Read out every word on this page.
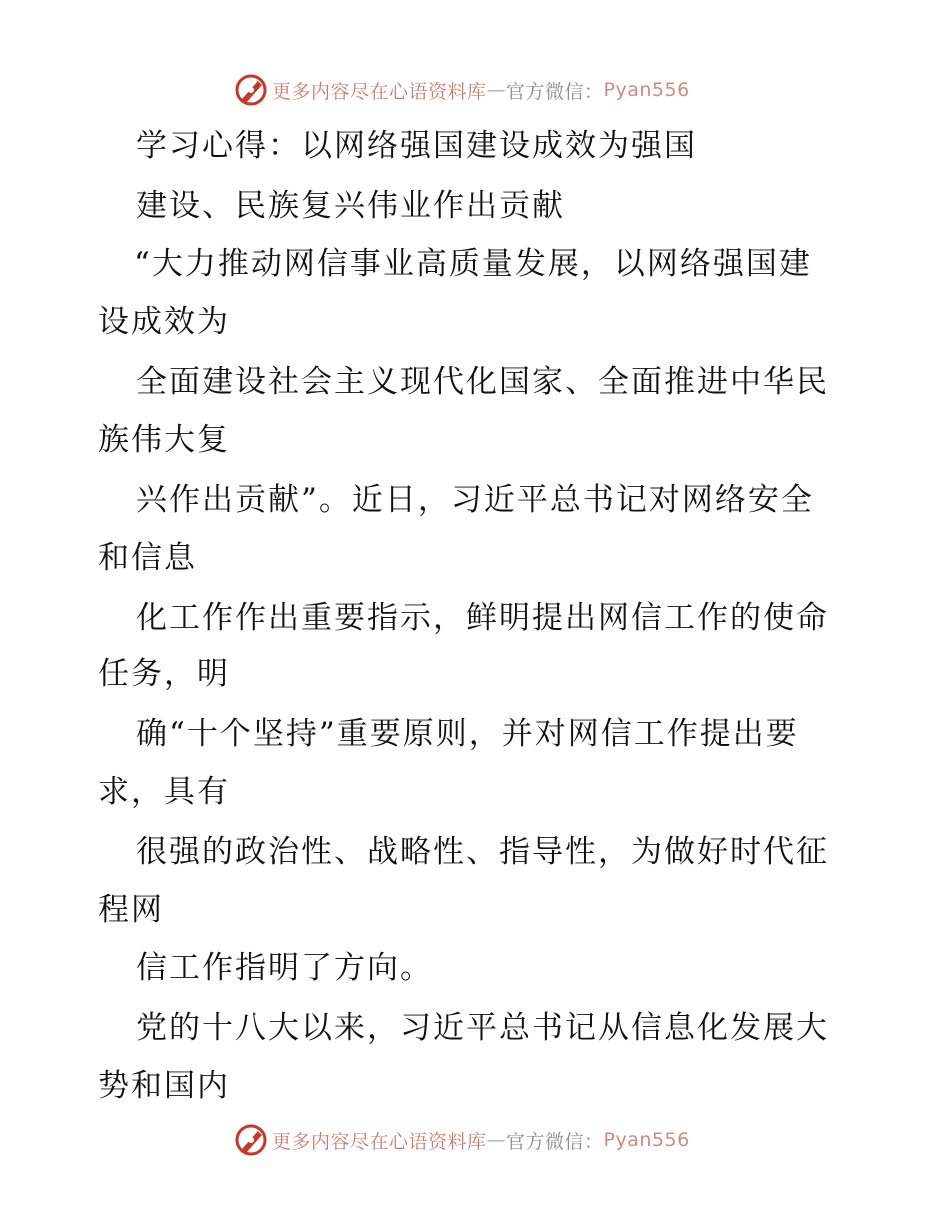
更多内容尽在心语资料库 — 官方微信： Pyan556
学习心得：以网络强国建设成效为强国
建设、民族复兴伟业作出贡献
“大力推动网信事业高质量发展，以网络强国建
设成效为
全面建设社会主义现代化国家、全面推进中华民
族伟大复
兴作出贡献”。近日，习近平总书记对网络安全
和信息
化工作作出重要指示，鲜明提出网信工作的使命
任务，明
确“十个坚持”重要原则，并对网信工作提出要
求，具有
很强的政治性、战略性、指导性，为做好时代征
程网
信工作指明了方向。
党的十八大以来，习近平总书记从信息化发展大
势和国内
更多内容尽在心语资料库 — 官方微信： Pyan556
